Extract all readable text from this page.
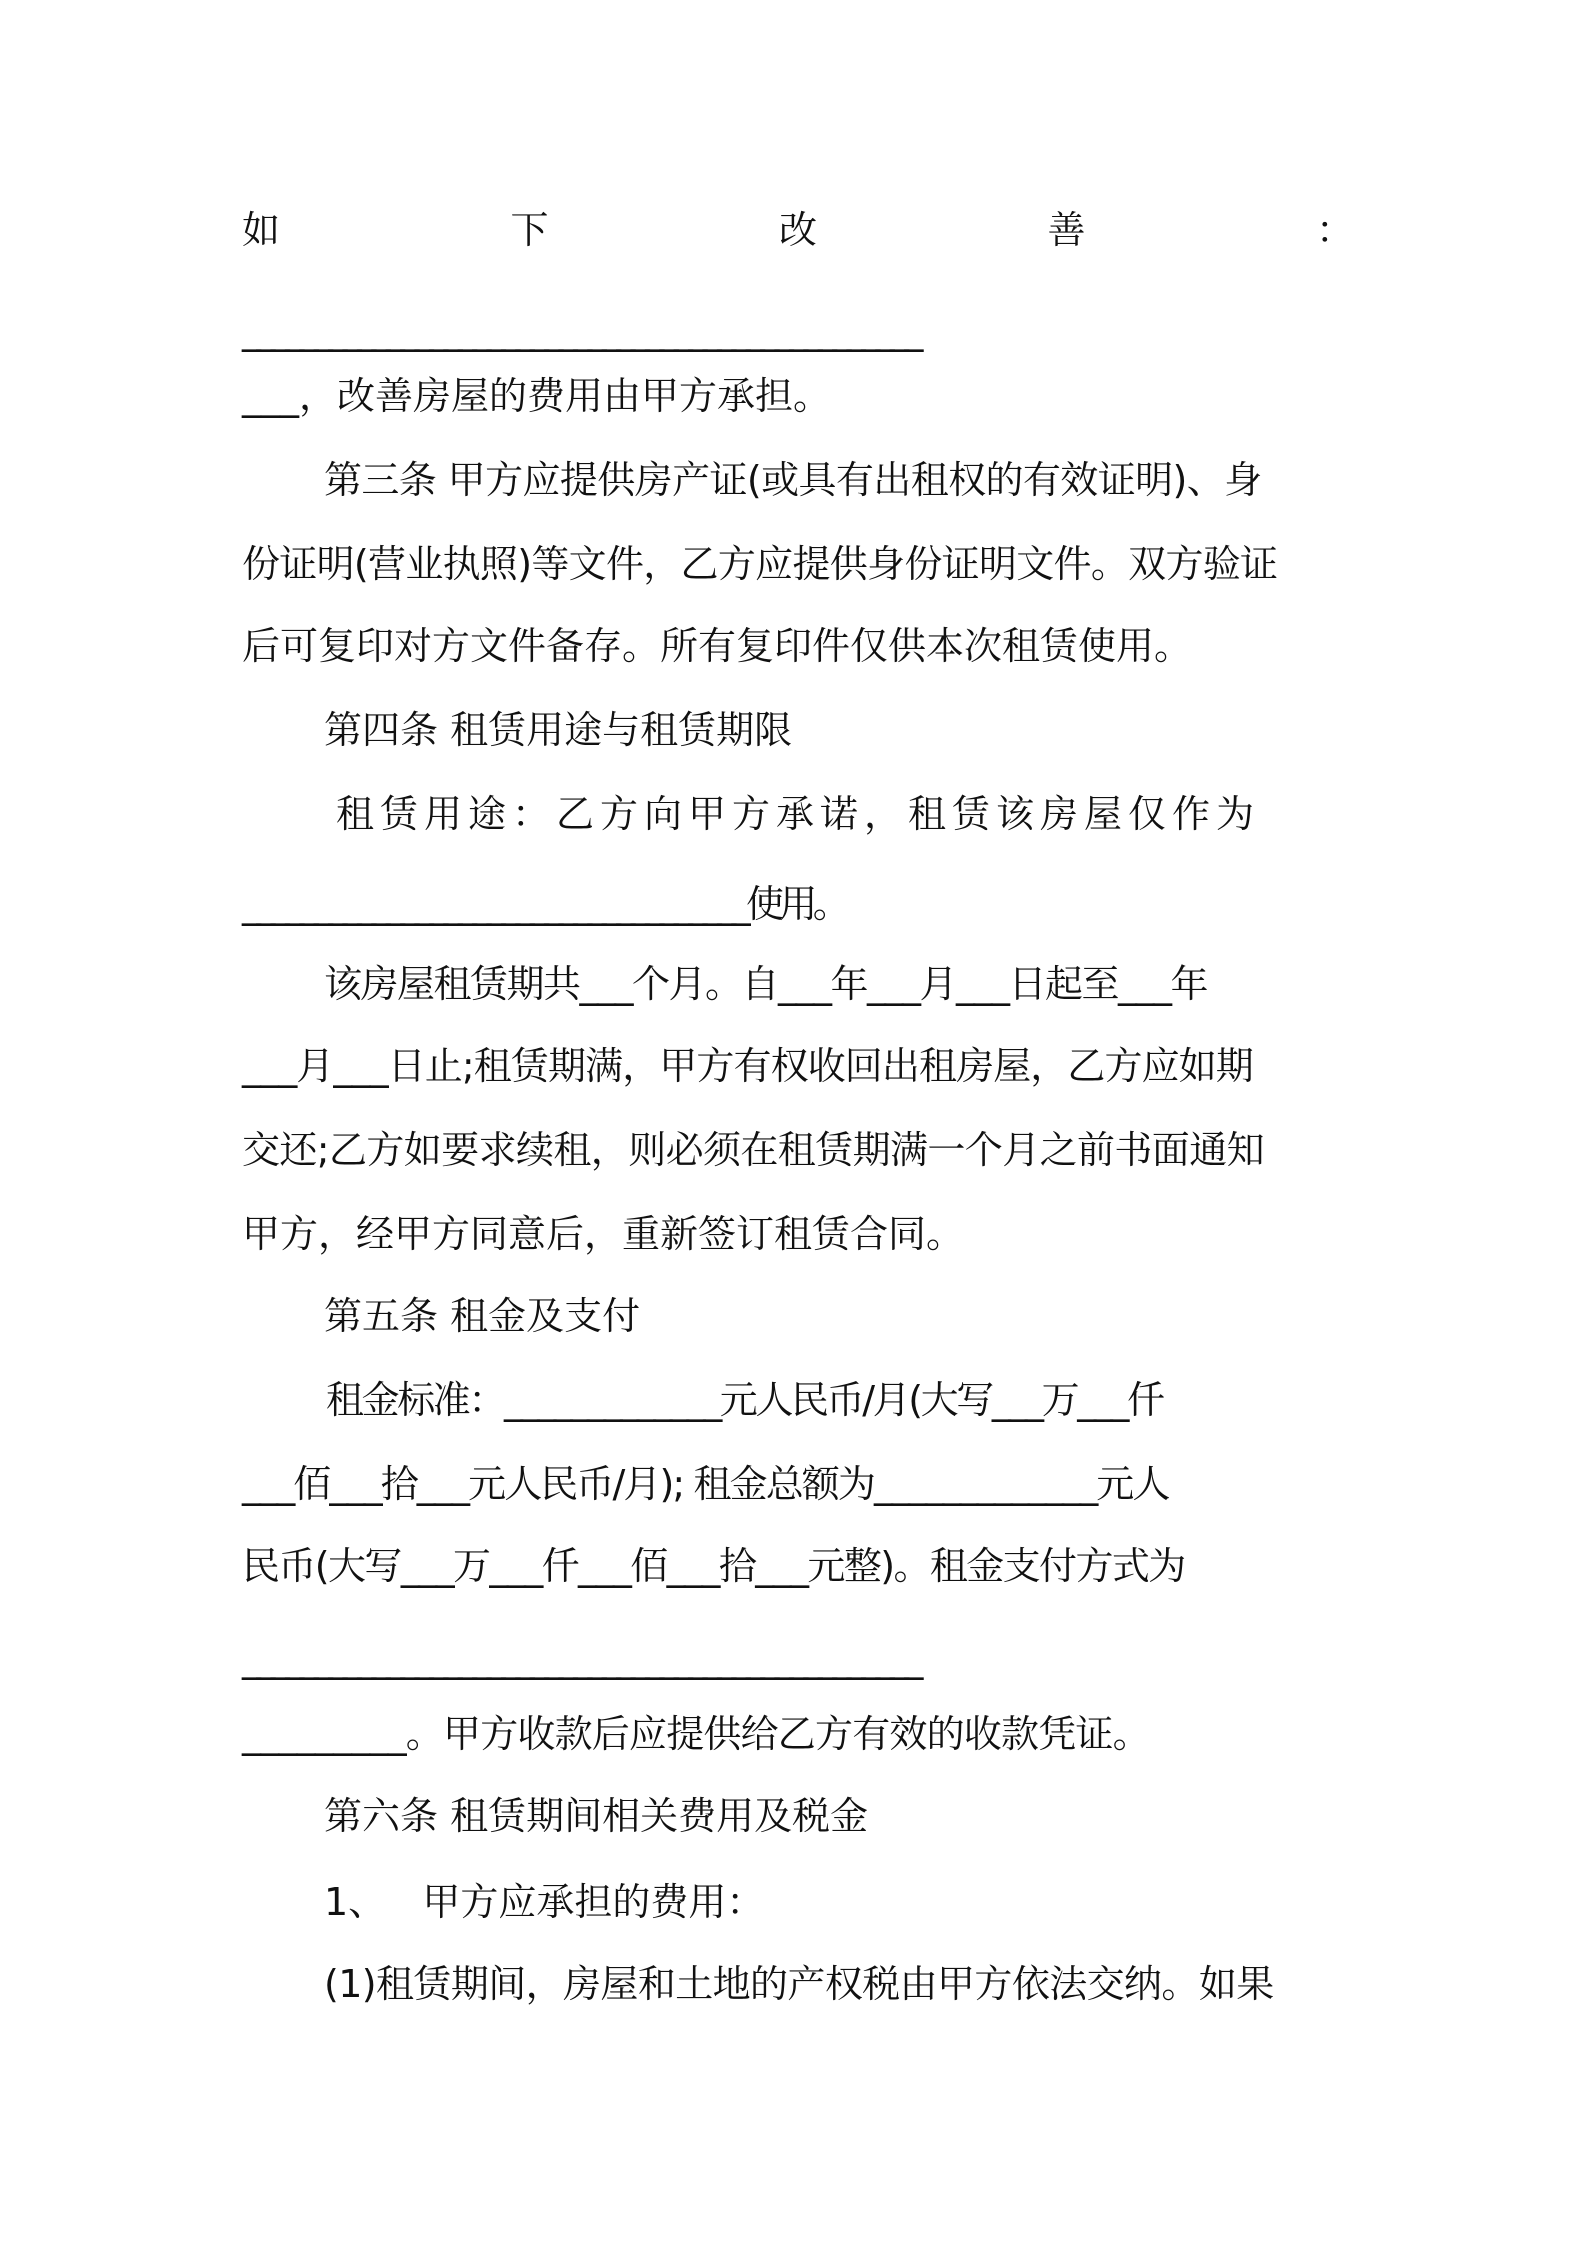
如	下	改	善	：
_______________________________________________
___，改善房屋的费用由甲方承担。
第三条 甲方应提供房产证(或具有出租权的有效证明)、身
份证明(营业执照)等文件，乙方应提供身份证明文件。双方验证
后可复印对方文件备存。所有复印件仅供本次租赁使用。
第四条 租赁用途与租赁期限
租赁用途：乙方向甲方承诺，租赁该房屋仅作为
___________________________________使用。
该房屋租赁期共___个月。自___年___月___日起至___年
___月___日止;租赁期满，甲方有权收回出租房屋，乙方应如期
交还;乙方如要求续租，则必须在租赁期满一个月之前书面通知
甲方，经甲方同意后，重新签订租赁合同。
第五条 租金及支付
租金标准：_____________元人民币/月(大写___万___仟
___佰___拾___元人民币/月); 租金总额为_____________元人
民币(大写___万___仟___佰___拾___元整)。租金支付方式为
_______________________________________________
_________。甲方收款后应提供给乙方有效的收款凭证。
第六条 租赁期间相关费用及税金
1、   甲方应承担的费用：
(1)租赁期间，房屋和土地的产权税由甲方依法交纳。如果
